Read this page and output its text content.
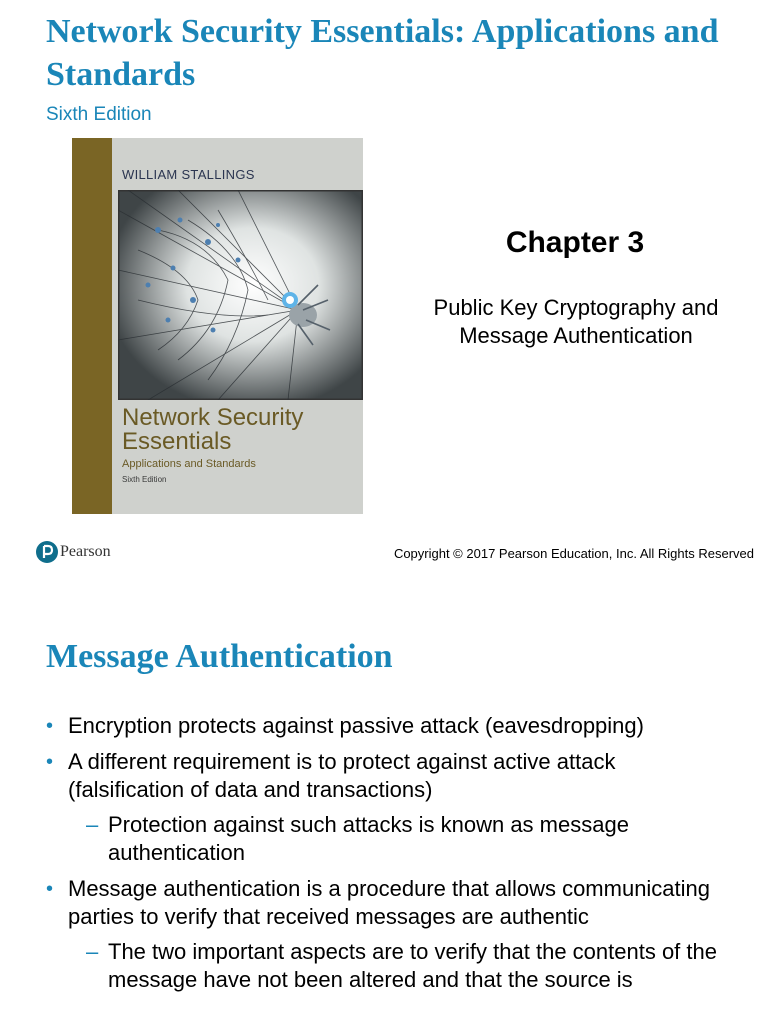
Network Security Essentials: Applications and Standards
Sixth Edition
WILLIAM STALLINGS
Network Security
Essentials
Applications and Standards
Sixth Edition
Chapter 3
Public Key Cryptography and Message Authentication
Pearson	Copyright © 2017 Pearson Education, Inc. All Rights Reserved
Message Authentication
• Encryption protects against passive attack (eavesdropping)
• A different requirement is to protect against active attack (falsification of data and transactions)
– Protection against such attacks is known as message authentication
• Message authentication is a procedure that allows communicating parties to verify that received messages are authentic
– The two important aspects are to verify that the contents of the message have not been altered and that the source is
